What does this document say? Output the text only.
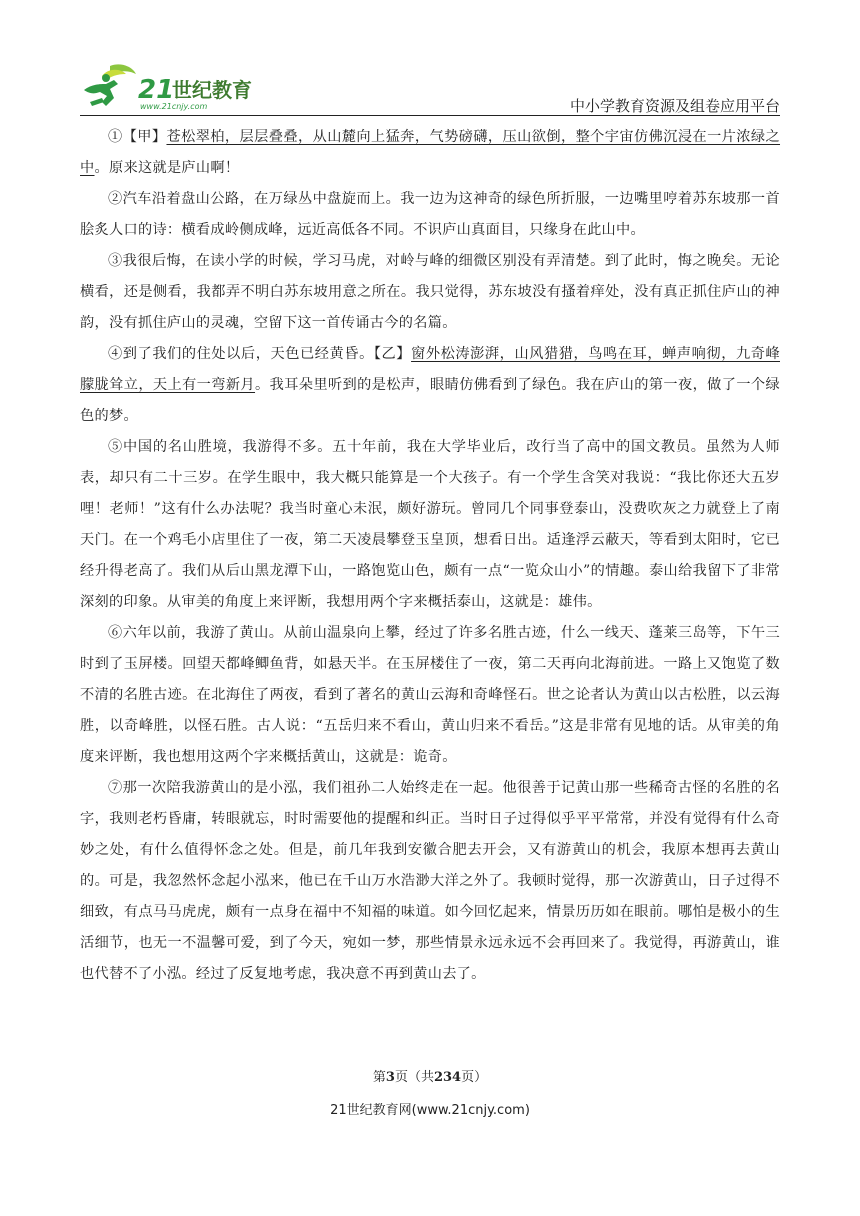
21
世纪教育
www.21cnjy.com	中小学教育资源及组卷应用平台

①【甲】苍松翠柏，层层叠叠，从山麓向上猛奔，气势磅礴，压山欲倒，整个宇宙仿佛沉浸在一片浓绿之中。原来这就是庐山啊！

②汽车沿着盘山公路，在万绿丛中盘旋而上。我一边为这神奇的绿色所折服，一边嘴里哼着苏东坡那一首脍炙人口的诗：横看成岭侧成峰，远近高低各不同。不识庐山真面目，只缘身在此山中。

③我很后悔，在读小学的时候，学习马虎，对岭与峰的细微区别没有弄清楚。到了此时，悔之晚矣。无论横看，还是侧看，我都弄不明白苏东坡用意之所在。我只觉得，苏东坡没有搔着痒处，没有真正抓住庐山的神韵，没有抓住庐山的灵魂，空留下这一首传诵古今的名篇。

④到了我们的住处以后，天色已经黄昏。【乙】窗外松涛澎湃，山风猎猎，鸟鸣在耳，蝉声响彻，九奇峰朦胧耸立，天上有一弯新月。我耳朵里听到的是松声，眼睛仿佛看到了绿色。我在庐山的第一夜，做了一个绿色的梦。

⑤中国的名山胜境，我游得不多。五十年前，我在大学毕业后，改行当了高中的国文教员。虽然为人师表，却只有二十三岁。在学生眼中，我大概只能算是一个大孩子。有一个学生含笑对我说：“我比你还大五岁哩！老师！”这有什么办法呢？我当时童心未泯，颇好游玩。曾同几个同事登泰山，没费吹灰之力就登上了南天门。在一个鸡毛小店里住了一夜，第二天凌晨攀登玉皇顶，想看日出。适逢浮云蔽天，等看到太阳时，它已经升得老高了。我们从后山黑龙潭下山，一路饱览山色，颇有一点“一览众山小”的情趣。泰山给我留下了非常深刻的印象。从审美的角度上来评断，我想用两个字来概括泰山，这就是：雄伟。

⑥六年以前，我游了黄山。从前山温泉向上攀，经过了许多名胜古迹，什么一线天、蓬莱三岛等，下午三时到了玉屏楼。回望天都峰鲫鱼背，如悬天半。在玉屏楼住了一夜，第二天再向北海前进。一路上又饱览了数不清的名胜古迹。在北海住了两夜，看到了著名的黄山云海和奇峰怪石。世之论者认为黄山以古松胜，以云海胜，以奇峰胜，以怪石胜。古人说：“五岳归来不看山，黄山归来不看岳。”这是非常有见地的话。从审美的角度来评断，我也想用这两个字来概括黄山，这就是：诡奇。

⑦那一次陪我游黄山的是小泓，我们祖孙二人始终走在一起。他很善于记黄山那一些稀奇古怪的名胜的名字，我则老朽昏庸，转眼就忘，时时需要他的提醒和纠正。当时日子过得似乎平平常常，并没有觉得有什么奇妙之处，有什么值得怀念之处。但是，前几年我到安徽合肥去开会，又有游黄山的机会，我原本想再去黄山的。可是，我忽然怀念起小泓来，他已在千山万水浩渺大洋之外了。我顿时觉得，那一次游黄山，日子过得不细致，有点马马虎虎，颇有一点身在福中不知福的味道。如今回忆起来，情景历历如在眼前。哪怕是极小的生活细节，也无一不温馨可爱，到了今天，宛如一梦，那些情景永远永远不会再回来了。我觉得，再游黄山，谁也代替不了小泓。经过了反复地考虑，我决意不再到黄山去了。

第3页（共234页）
21世纪教育网(www.21cnjy.com)
